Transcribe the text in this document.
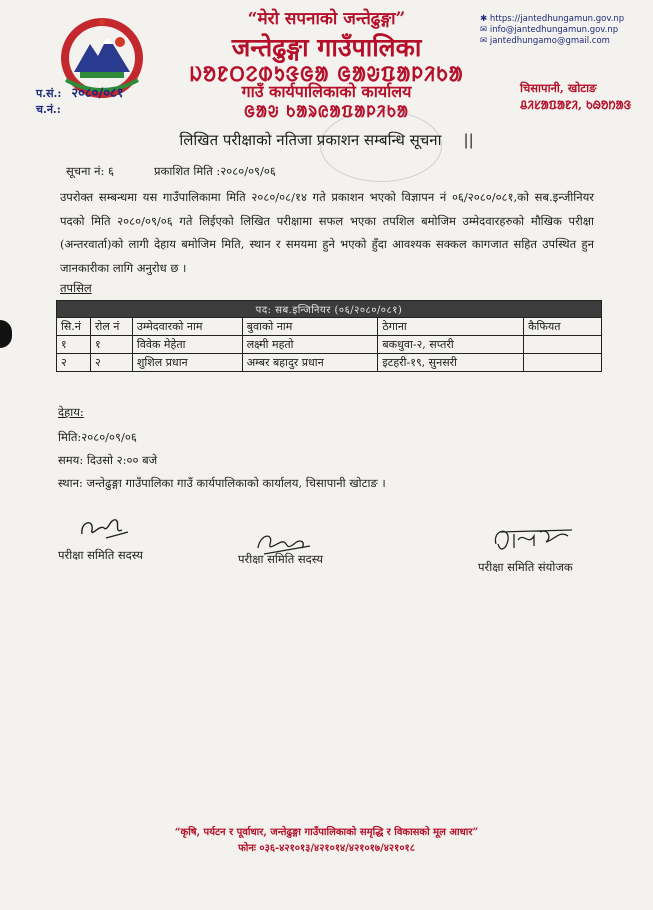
“मेरो सपनाको जन्तेढुङ्गा”
जन्तेढुङ्गा गाउँपालिका
ᱡᱚᱱᱛᱮᱰᱩᱝᱜᱟ ᱜᱟᱶᱯᱟᱞᱤᱠᱟ
गाउँ कार्यपालिकाको कार्यालय
ᱜᱟᱶ ᱠᱟᱨᱭᱟᱯᱟᱞᱤᱠᱟ
✱ https://jantedhungamun.gov.np
✉ info@jantedhungamun.gov.np
✉ jantedhungamo@gmail.com
चिसापानी, खोटाङ
ᱪᱤᱥᱟᱯᱟᱱᱤ, ᱠᱷᱚᱴᱟᱝ
प.सं.: २०८०/०८१
च.नं.:
लिखित परीक्षाको नतिजा प्रकाशन सम्बन्धि सूचना ||
सूचना नं: ६	प्रकाशित मिति :२०८०/०९/०६
उपरोक्त सम्बन्धमा यस गाउँपालिकामा मिति २०८०/०८/१४ गते प्रकाशन भएको विज्ञापन नं ०६/२०८०/०८१,को सब.इन्जीनियर पदको मिति २०८०/०९/०६ गते लिईएको लिखित परीक्षामा सफल भएका तपशिल बमोजिम उम्मेदवारहरुको मौखिक परीक्षा (अन्तरवार्ता)को लागी देहाय बमोजिम मिति, स्थान र समयमा हुने भएको हुँदा आवश्यक सक्कल कागजात सहित उपस्थित हुन जानकारीका लागि अनुरोध छ ।
तपसिल
पद: सब.इन्जिनियर (०६/२०८०/०८१)					
सि.नं	रोल नं	उम्मेदवारको नाम	बुवाको नाम	ठेगाना	कैफियत
१	१	विवेक मेहेता	लक्ष्मी महतो	बकधुवा-२, सप्तरी	
२	२	शुशिल प्रधान	अम्बर बहादुर प्रधान	इटहरी-१९, सुनसरी	
देहाय:
मिति:२०८०/०९/०६
समय: दिउसो २:०० बजे
स्थान: जन्तेढुङ्गा गाउँपालिका गाउँ कार्यपालिकाको कार्यालय, चिसापानी खोटाङ ।
परीक्षा समिति सदस्य	परीक्षा समिति सदस्य
परीक्षा समिति संयोजक
“कृषि, पर्यटन र पूर्वाधार, जन्तेढुङ्गा गाउँपालिकाको समृद्धि र विकासको मूल आधार”
फोनः ०३६-४२१०१३/४२१०१४/४२१०१७/४२१०१८
